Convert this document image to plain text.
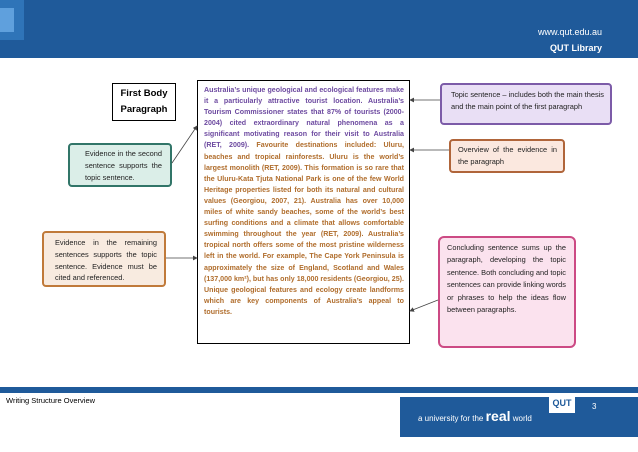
www.qut.edu.au
QUT Library
First Body
Paragraph
Australia’s unique geological and ecological features make it a particularly attractive tourist location. Australia’s Tourism Commissioner states that 87% of tourists (2000-2004) cited extraordinary natural phenomena as a significant motivating reason for their visit to Australia (RET, 2009). Favourite destinations included: Uluru, beaches and tropical rainforests. Uluru is the world’s largest monolith (RET, 2009). This formation is so rare that the Uluru-Kata Tjuta National Park is one of the few World Heritage properties listed for both its natural and cultural values (Georgiou, 2007, 21). Australia has over 10,000 miles of white sandy beaches, some of the world’s best surfing conditions and a climate that allows comfortable swimming throughout the year (RET, 2009). Australia’s tropical north offers some of the most pristine wilderness left in the world. For example, The Cape York Peninsula is approximately the size of England, Scotland and Wales (137,000 km²), but has only 18,000 residents (Georgiou, 25). Unique geological features and ecology create landforms which are key components of Australia’s appeal to tourists.
Evidence in the second sentence supports the topic sentence.
Evidence in the remaining sentences supports the topic sentence. Evidence must be cited and referenced.
Topic sentence – includes both the main thesis and the main point of the first paragraph
Overview of the evidence in the paragraph
Concluding sentence sums up the paragraph, developing the topic sentence. Both concluding and topic sentences can provide linking words or phrases to help the ideas flow between paragraphs.
Writing Structure Overview
a university for the real world
QUT	3
